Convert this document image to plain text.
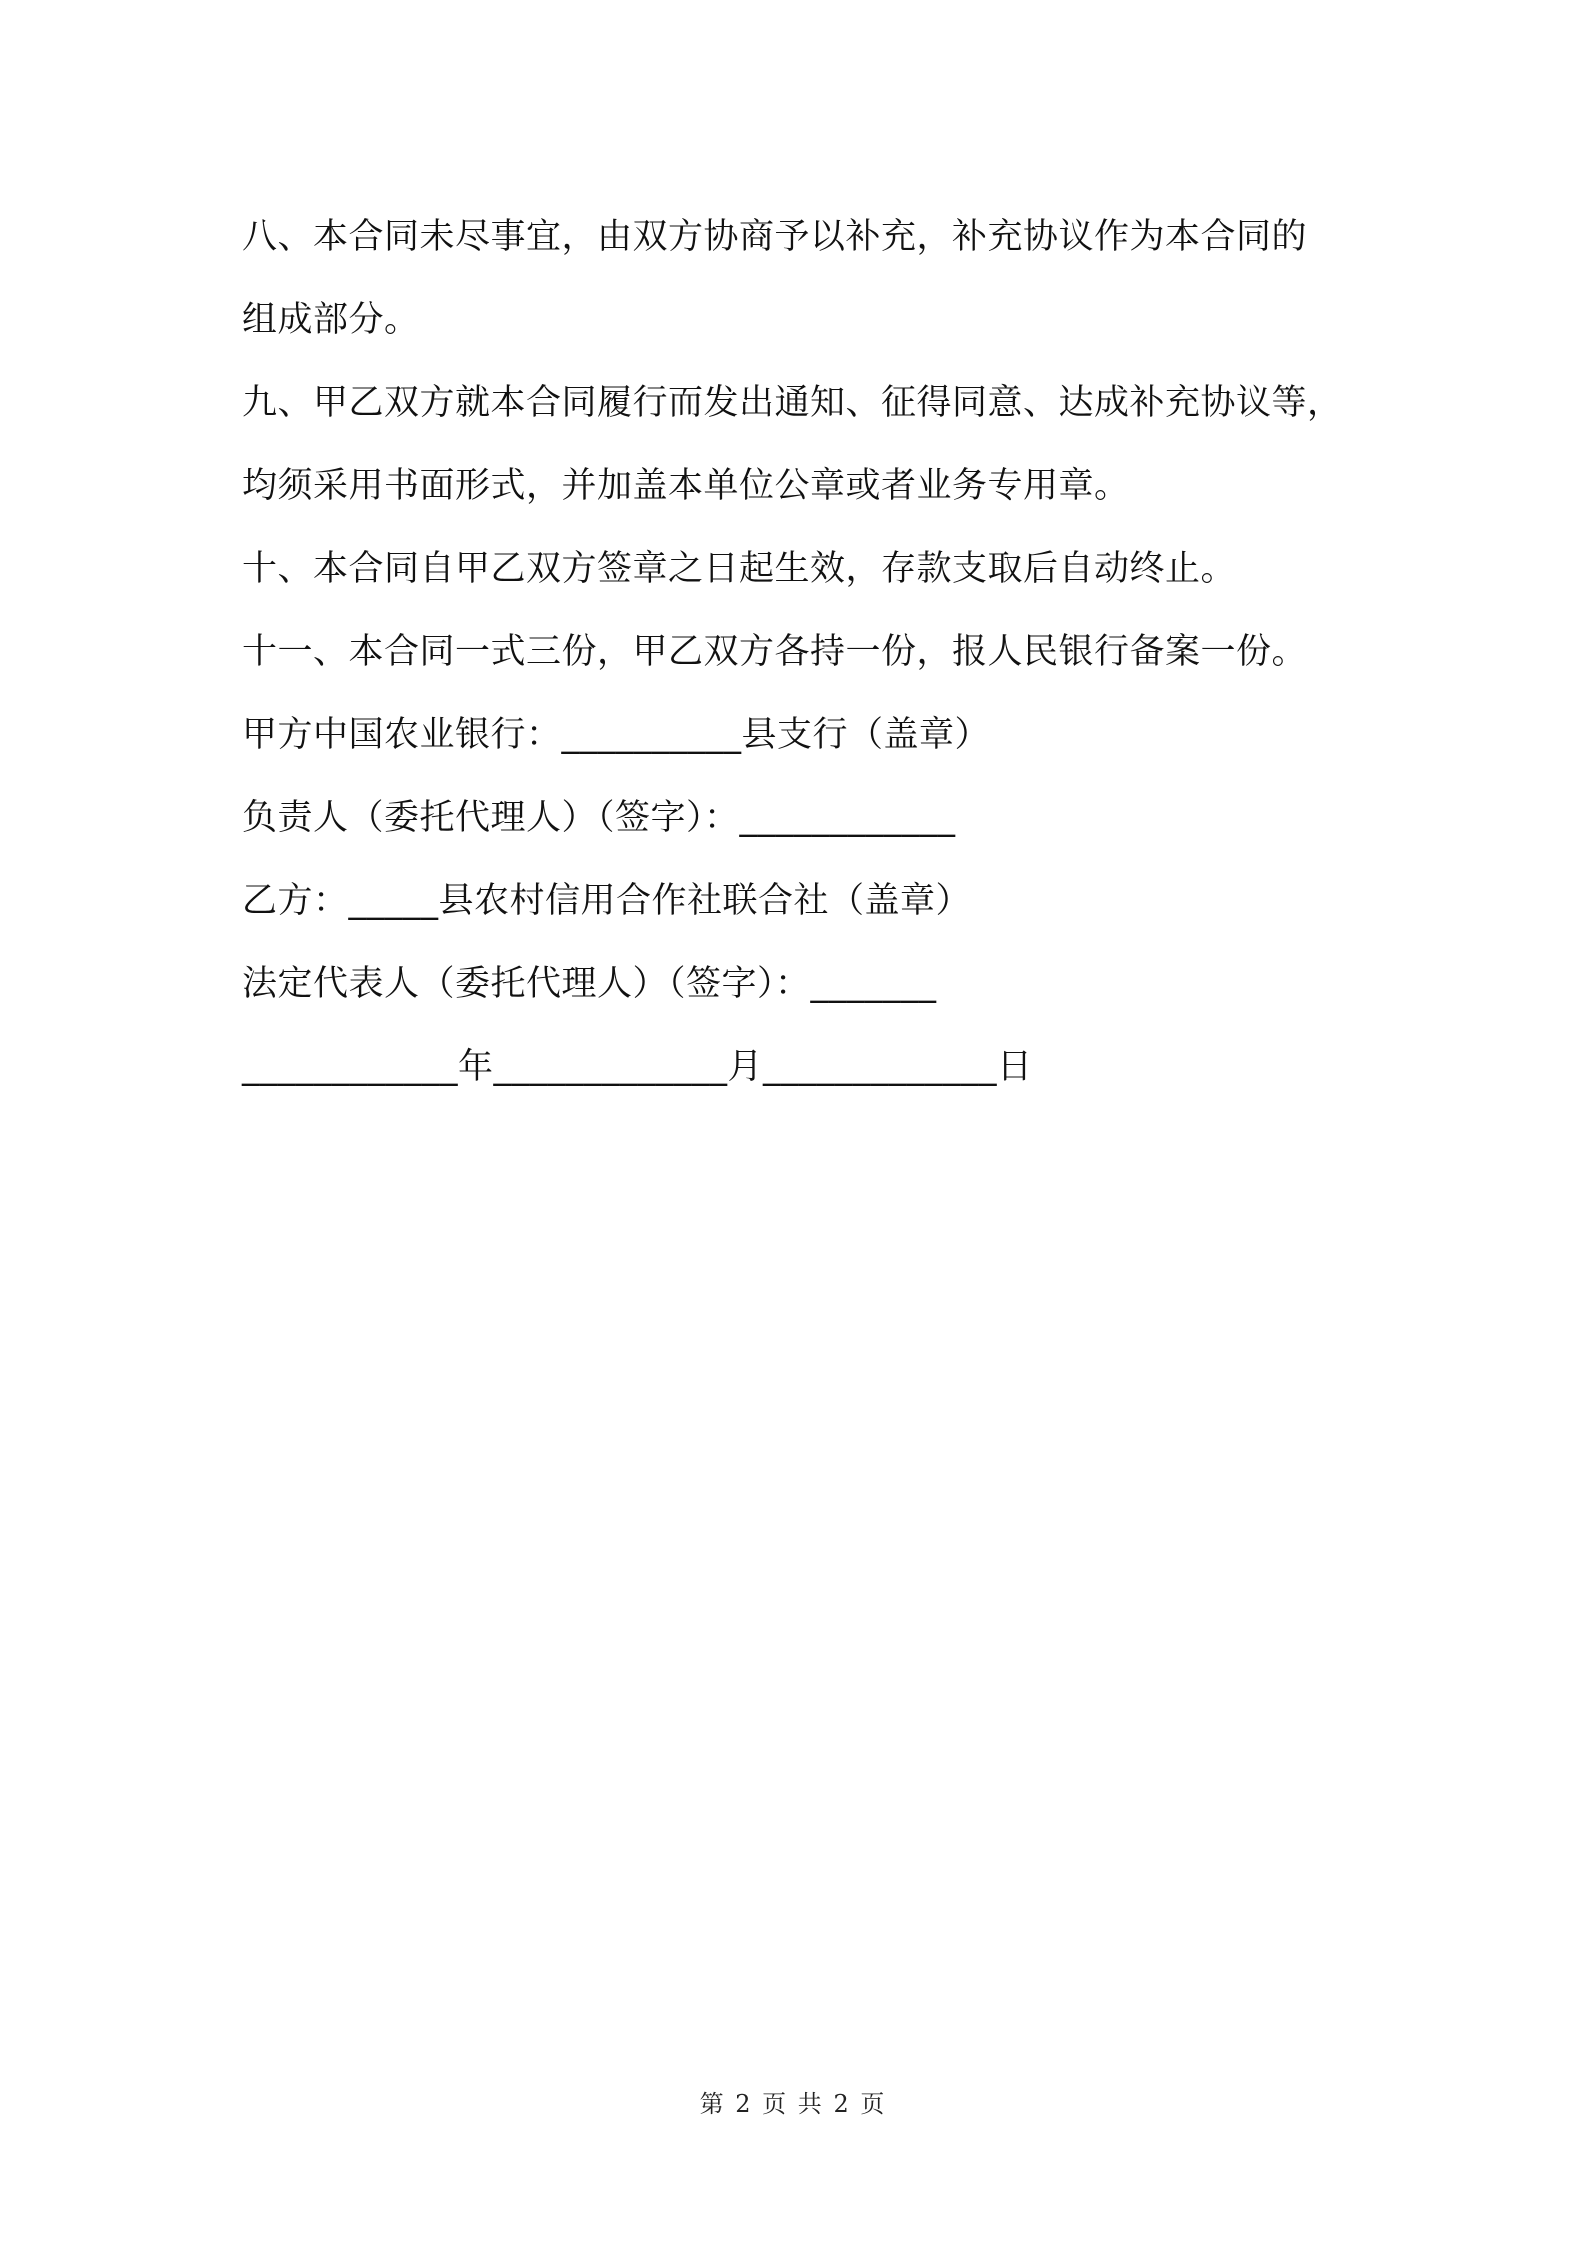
八、本合同未尽事宜，由双方协商予以补充，补充协议作为本合同的
组成部分。
九、甲乙双方就本合同履行而发出通知、征得同意、达成补充协议等，
均须采用书面形式，并加盖本单位公章或者业务专用章。
十、本合同自甲乙双方签章之日起生效，存款支取后自动终止。
十一、本合同一式三份，甲乙双方各持一份，报人民银行备案一份。
甲方中国农业银行：__________县支行（盖章）
负责人（委托代理人）（签字）：____________
乙方：_____县农村信用合作社联合社（盖章）
法定代表人（委托代理人）（签字）：_______
____________年_____________月_____________日
第 2 页 共 2 页
